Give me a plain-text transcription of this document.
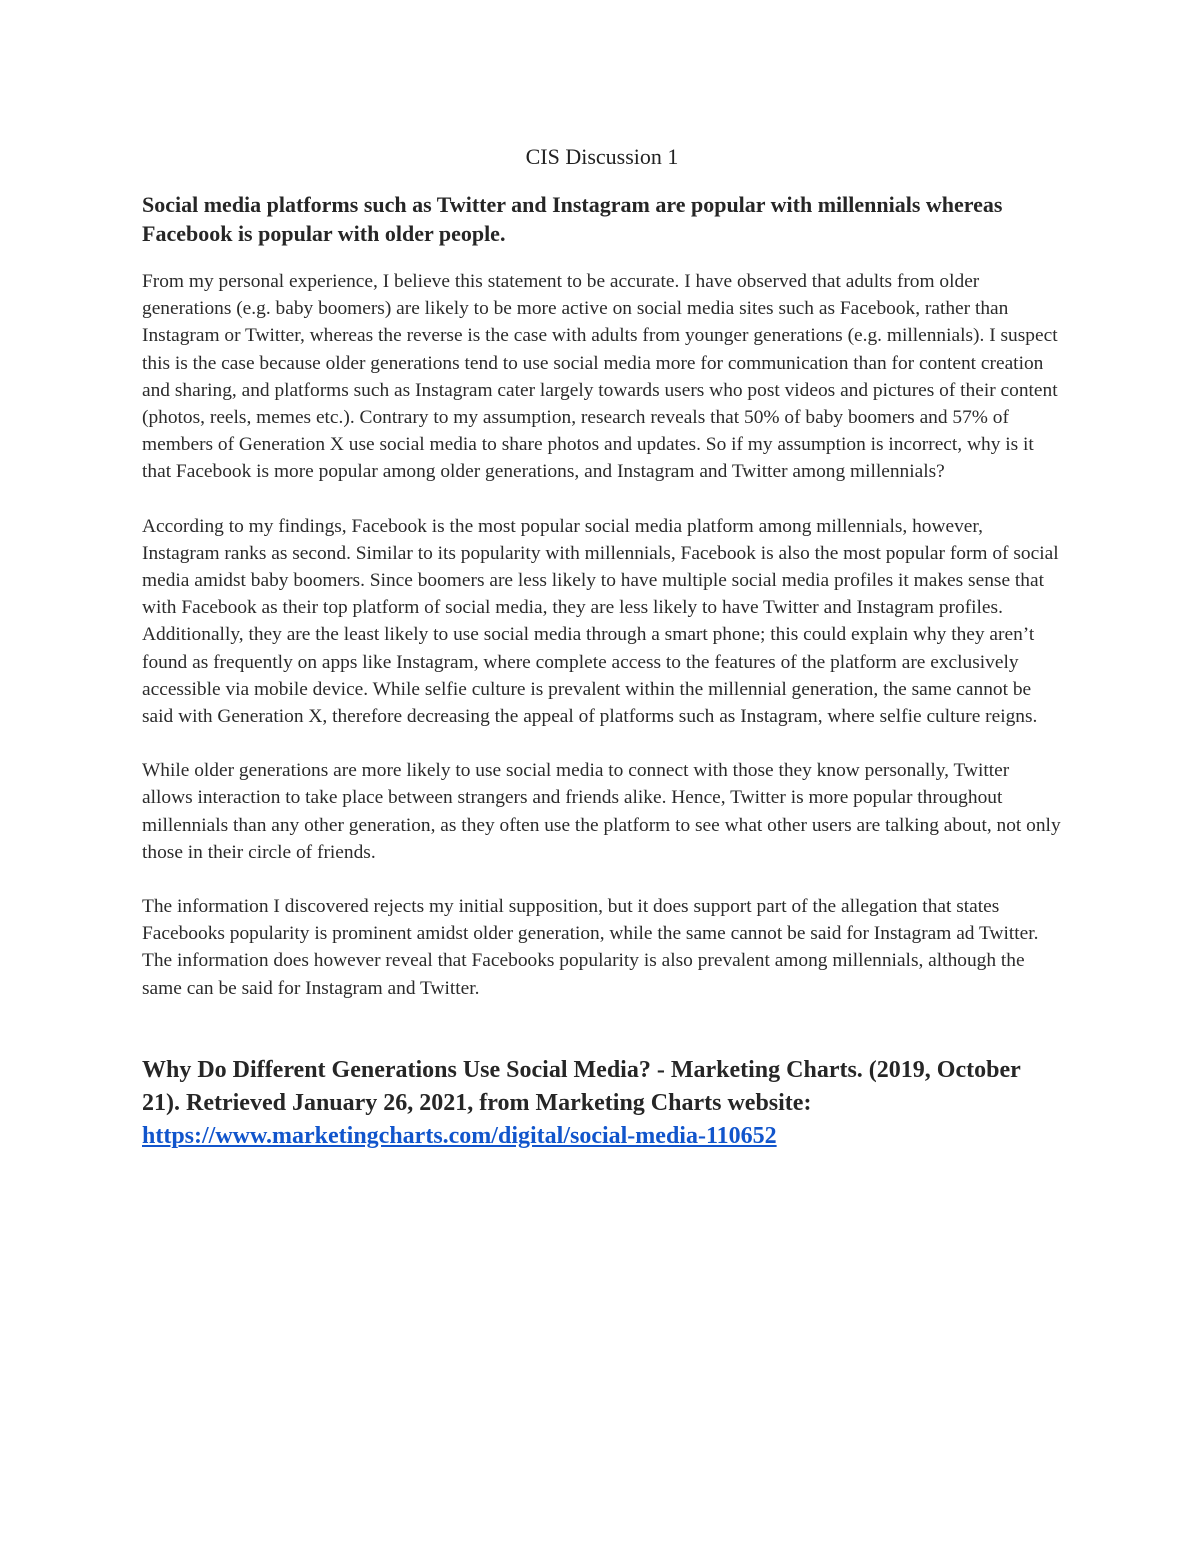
CIS Discussion 1

Social media platforms such as Twitter and Instagram are popular with millennials whereas Facebook is popular with older people.

From my personal experience, I believe this statement to be accurate. I have observed that adults from older generations (e.g. baby boomers) are likely to be more active on social media sites such as Facebook, rather than Instagram or Twitter, whereas the reverse is the case with adults from younger generations (e.g. millennials). I suspect this is the case because older generations tend to use social media more for communication than for content creation and sharing, and platforms such as Instagram cater largely towards users who post videos and pictures of their content (photos, reels, memes etc.). Contrary to my assumption, research reveals that 50% of baby boomers and 57% of members of Generation X use social media to share photos and updates. So if my assumption is incorrect, why is it that Facebook is more popular among older generations, and Instagram and Twitter among millennials?

According to my findings, Facebook is the most popular social media platform among millennials, however, Instagram ranks as second. Similar to its popularity with millennials, Facebook is also the most popular form of social media amidst baby boomers. Since boomers are less likely to have multiple social media profiles it makes sense that with Facebook as their top platform of social media, they are less likely to have Twitter and Instagram profiles. Additionally, they are the least likely to use social media through a smart phone; this could explain why they aren’t found as frequently on apps like Instagram, where complete access to the features of the platform are exclusively accessible via mobile device. While selfie culture is prevalent within the millennial generation, the same cannot be said with Generation X, therefore decreasing the appeal of platforms such as Instagram, where selfie culture reigns.

While older generations are more likely to use social media to connect with those they know personally, Twitter allows interaction to take place between strangers and friends alike. Hence, Twitter is more popular throughout millennials than any other generation, as they often use the platform to see what other users are talking about, not only those in their circle of friends.

The information I discovered rejects my initial supposition, but it does support part of the allegation that states Facebooks popularity is prominent amidst older generation, while the same cannot be said for Instagram ad Twitter. The information does however reveal that Facebooks popularity is also prevalent among millennials, although the same can be said for Instagram and Twitter.

Why Do Different Generations Use Social Media? - Marketing Charts. (2019, October 21). Retrieved January 26, 2021, from Marketing Charts website:
https://www.marketingcharts.com/digital/social-media-110652
